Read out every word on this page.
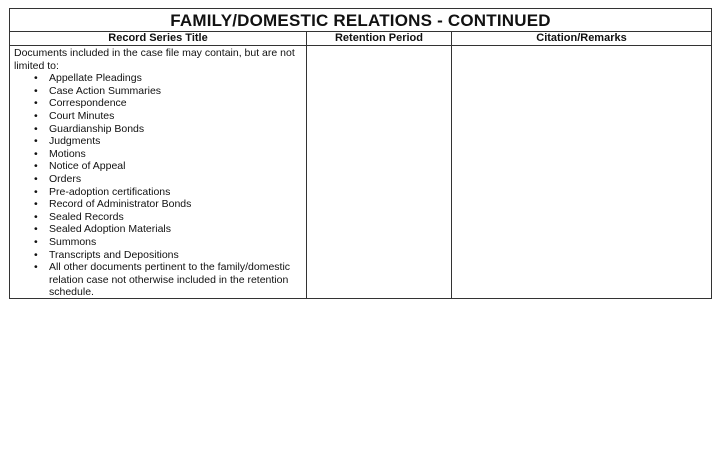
FAMILY/DOMESTIC RELATIONS - CONTINUED
Record Series Title	Retention Period	Citation/Remarks
Documents included in the case file may contain, but are not limited to:
• Appellate Pleadings
• Case Action Summaries
• Correspondence
• Court Minutes
• Guardianship Bonds
• Judgments
• Motions
• Notice of Appeal
• Orders
• Pre-adoption certifications
• Record of Administrator Bonds
• Sealed Records
• Sealed Adoption Materials
• Summons
• Transcripts and Depositions
• All other documents pertinent to the family/domestic relation case not otherwise included in the retention schedule.
